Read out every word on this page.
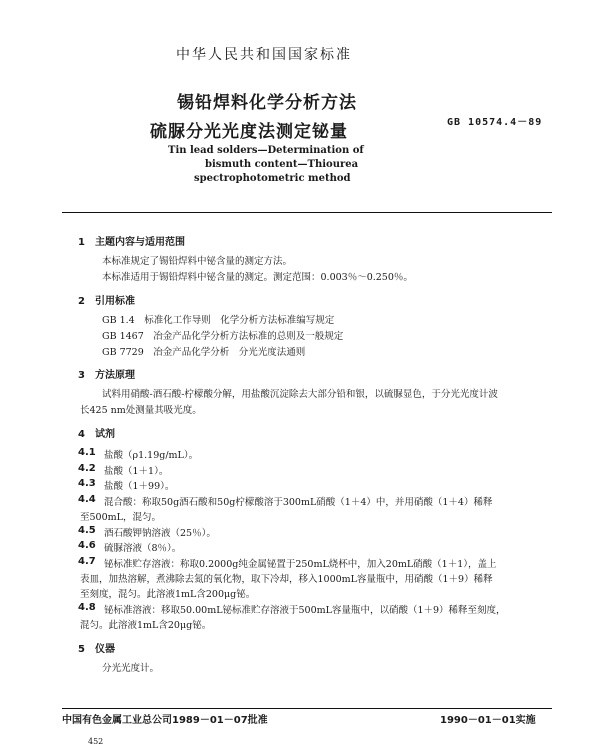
中华人民共和国国家标准
锡铅焊料化学分析方法
硫脲分光光度法测定铋量	GB 10574.4－89
Tin lead solders—Determination of
bismuth content—Thiourea
spectrophotometric method
1　主题内容与适用范围
本标准规定了锡铅焊料中铋含量的测定方法。
本标准适用于锡铅焊料中铋含量的测定。测定范围：0.003％～0.250％。
2　引用标准
GB 1.4　标准化工作导则　化学分析方法标准编写规定
GB 1467　冶金产品化学分析方法标准的总则及一般规定
GB 7729　冶金产品化学分析　分光光度法通则
3　方法原理
试料用硝酸-酒石酸-柠檬酸分解，用盐酸沉淀除去大部分铅和银，以硫脲显色，于分光光度计波
长425 nm处测量其吸光度。
4　试剂
4.1 盐酸（ρ1.19g/mL）。
4.2 盐酸（1＋1）。
4.3 盐酸（1＋99）。
4.4 混合酸：称取50g酒石酸和50g柠檬酸溶于300mL硝酸（1＋4）中，并用硝酸（1＋4）稀释
至500mL，混匀。
4.5 酒石酸钾钠溶液（25％）。
4.6 硫脲溶液（8％）。
4.7 铋标准贮存溶液：称取0.2000g纯金属铋置于250mL烧杯中，加入20mL硝酸（1＋1），盖上
表皿，加热溶解，煮沸除去氮的氧化物，取下冷却，移入1000mL容量瓶中，用硝酸（1＋9）稀释
至刻度，混匀。此溶液1mL含200μg铋。
4.8 铋标准溶液：移取50.00mL铋标准贮存溶液于500mL容量瓶中，以硝酸（1＋9）稀释至刻度，
混匀。此溶液1mL含20μg铋。
5　仪器
分光光度计。
中国有色金属工业总公司1989－01－07批准	1990－01－01实施
452
